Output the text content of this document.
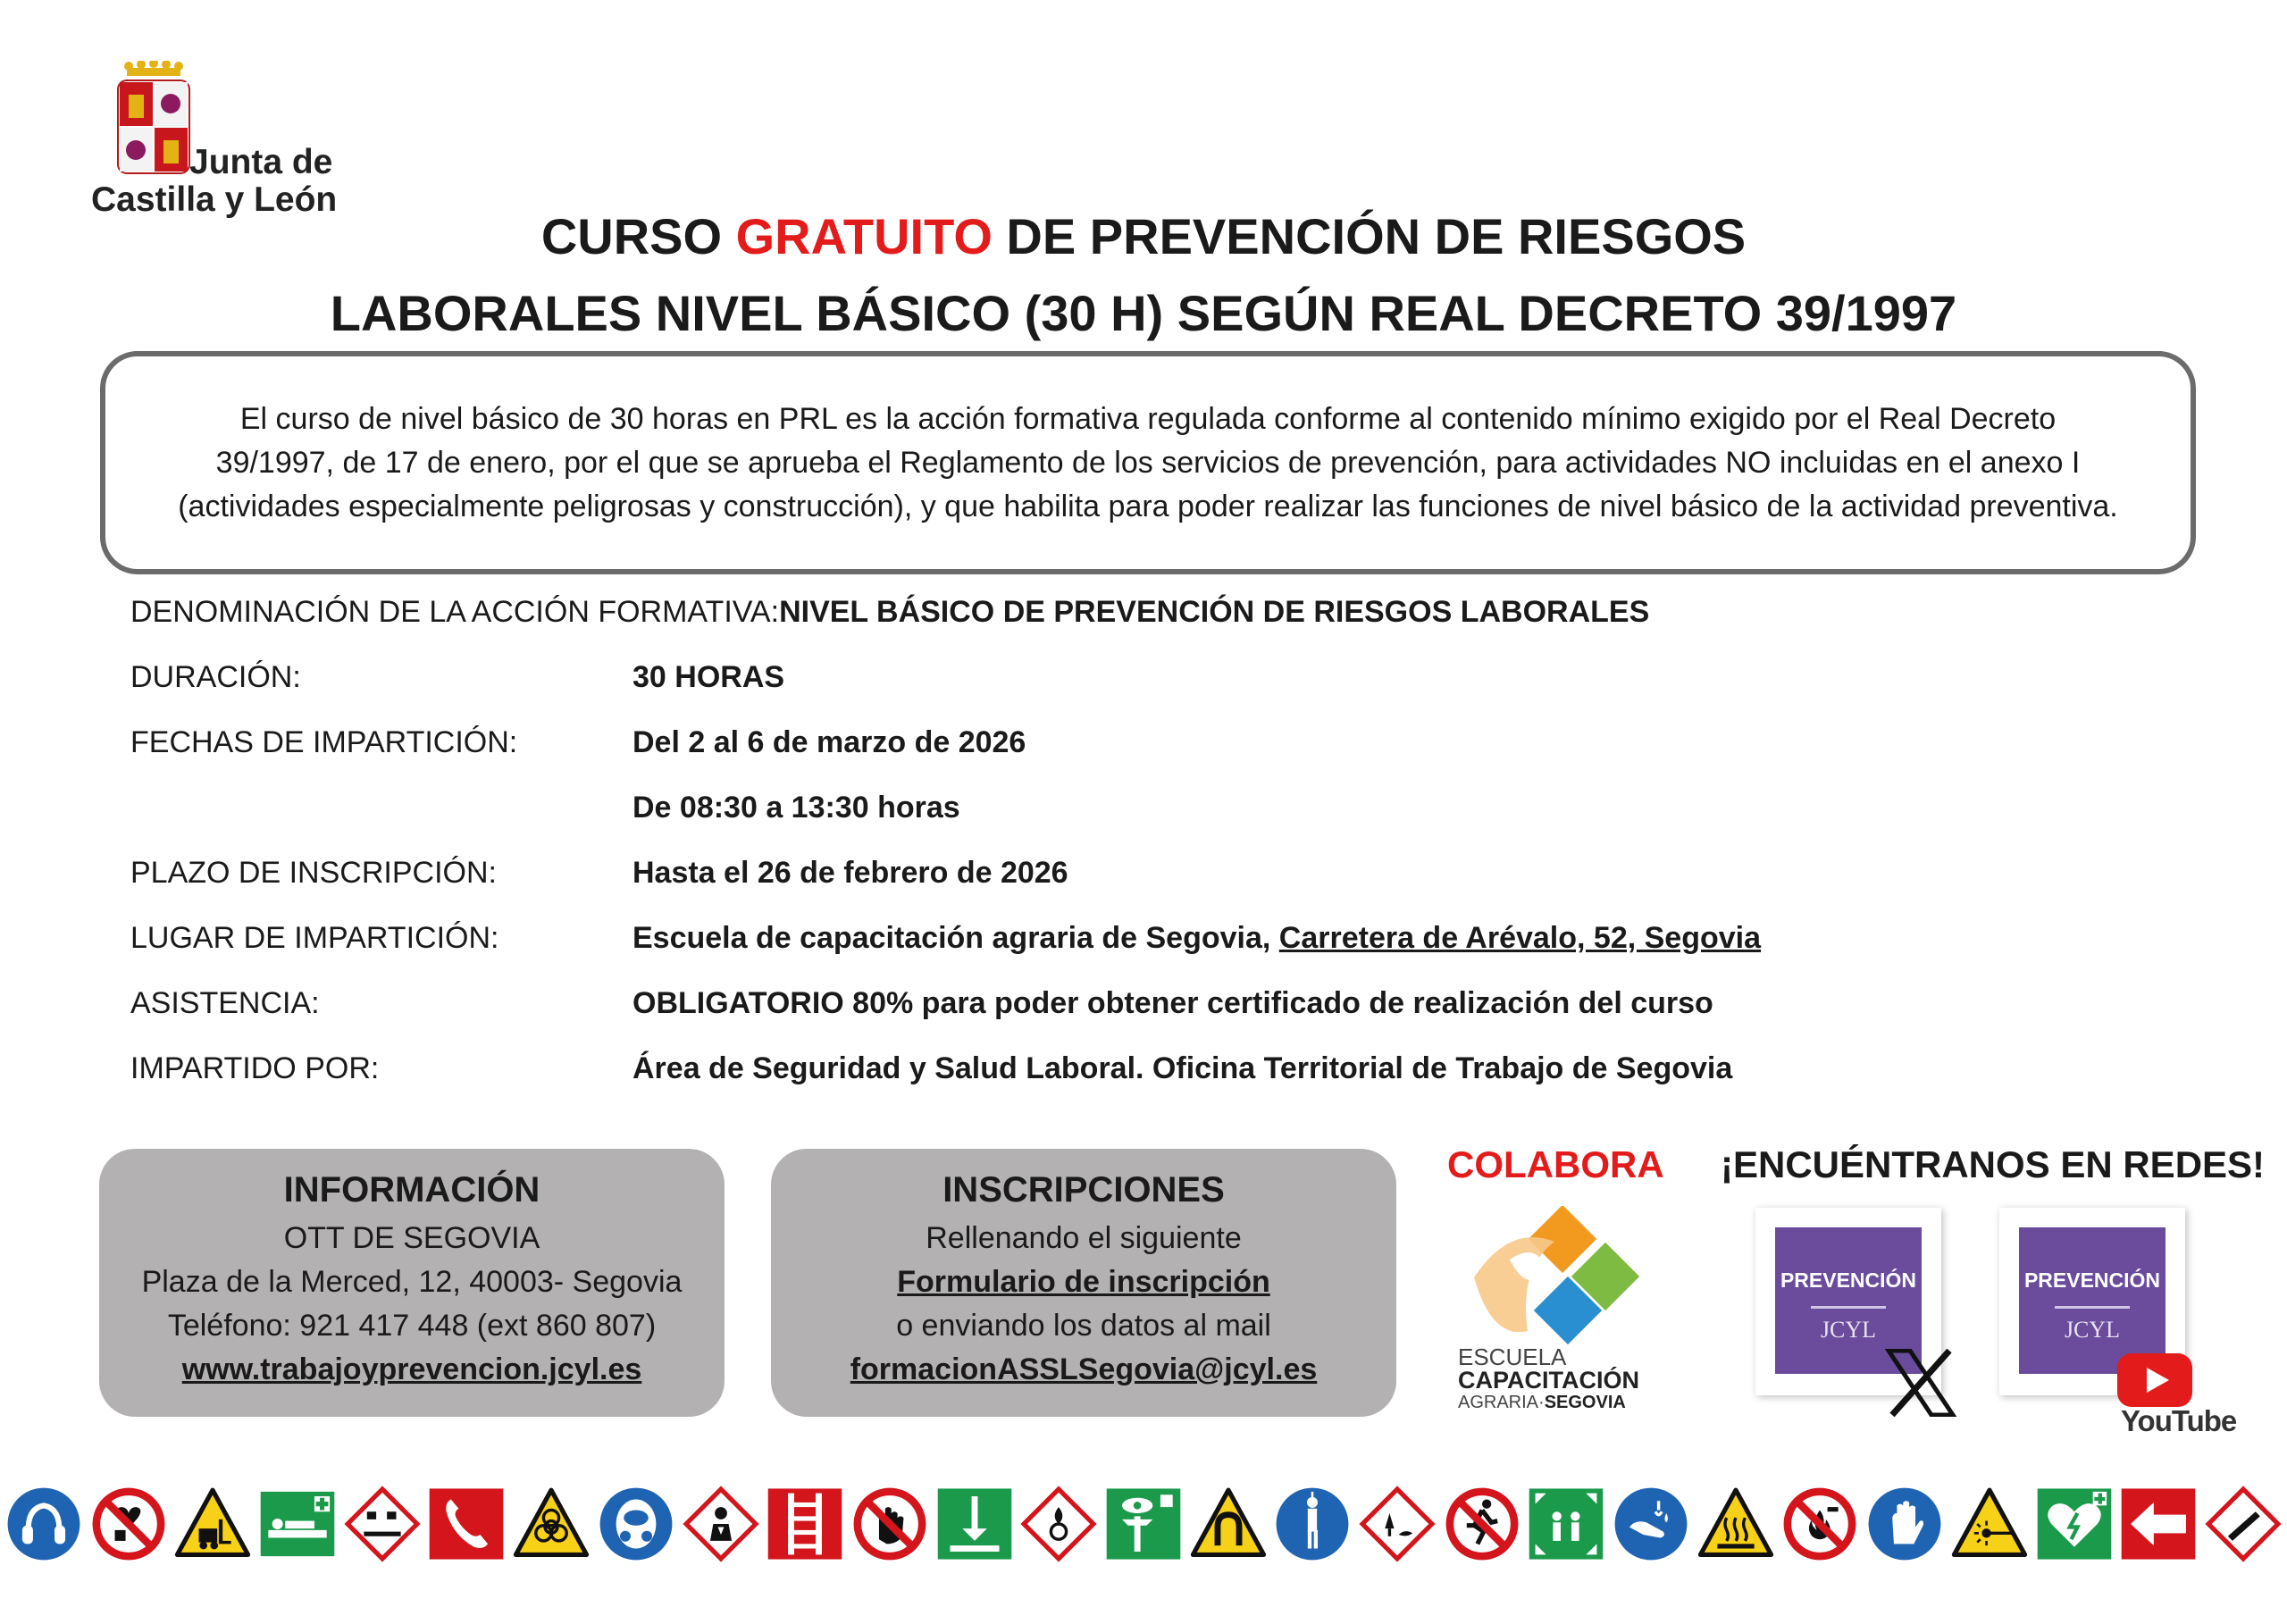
Junta de
Castilla y León
CURSO GRATUITO DE PREVENCIÓN DE RIESGOS
LABORALES NIVEL BÁSICO (30 H) SEGÚN REAL DECRETO 39/1997
El curso de nivel básico de 30 horas en PRL es la acción formativa regulada conforme al contenido mínimo exigido por el Real Decreto 39/1997, de 17 de enero, por el que se aprueba el Reglamento de los servicios de prevención, para actividades NO incluidas en el anexo I (actividades especialmente peligrosas y construcción), y que habilita para poder realizar las funciones de nivel básico de la actividad preventiva.
DENOMINACIÓN DE LA ACCIÓN FORMATIVA:NIVEL BÁSICO DE PREVENCIÓN DE RIESGOS LABORALES
DURACIÓN:	30 HORAS
FECHAS DE IMPARTICIÓN:	Del 2 al 6 de marzo de 2026
De 08:30 a 13:30 horas
PLAZO DE INSCRIPCIÓN:	Hasta el 26 de febrero de 2026
LUGAR DE IMPARTICIÓN:	Escuela de capacitación agraria de Segovia, Carretera de Arévalo, 52, Segovia
ASISTENCIA:	OBLIGATORIO 80% para poder obtener certificado de realización del curso
IMPARTIDO POR:	Área de Seguridad y Salud Laboral. Oficina Territorial de Trabajo de Segovia
INFORMACIÓN
OTT DE SEGOVIA
Plaza de la Merced, 12, 40003- Segovia
Teléfono: 921 417 448 (ext 860 807)
www.trabajoyprevencion.jcyl.es
INSCRIPCIONES
Rellenando el siguiente
Formulario de inscripción
o enviando los datos al mail
formacionASSLSegovia@jcyl.es
COLABORA
ESCUELA
CAPACITACIÓN
AGRARIA·SEGOVIA
¡ENCUÉNTRANOS EN REDES!
PREVENCIÓN
JCYL
PREVENCIÓN
JCYL
YouTube
